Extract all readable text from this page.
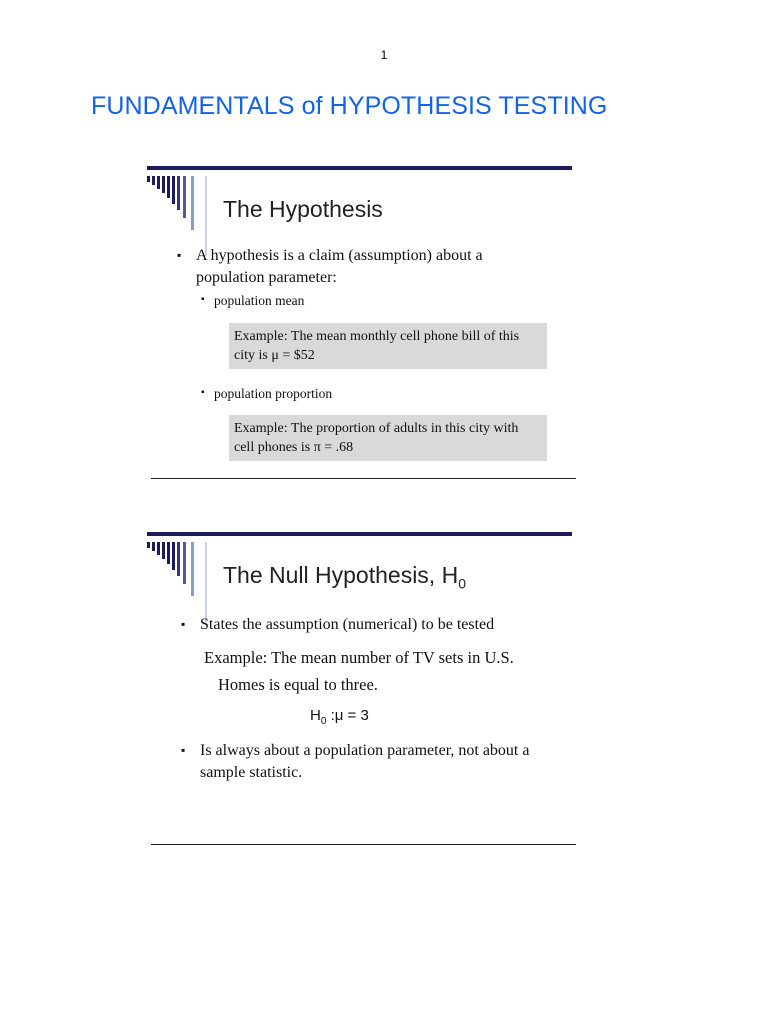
1
FUNDAMENTALS of HYPOTHESIS TESTING
The Hypothesis
▪ A hypothesis is a claim (assumption) about a population parameter:
▪ population mean
Example: The mean monthly cell phone bill of this city is μ = $52
▪ population proportion
Example: The proportion of adults in this city with cell phones is π = .68
The Null Hypothesis, $H_0$
▪ States the assumption (numerical) to be tested
Example: The mean number of TV sets in U.S.
Homes is equal to three.
$H_0$ :μ = 3
▪ Is always about a population parameter, not about a sample statistic.
